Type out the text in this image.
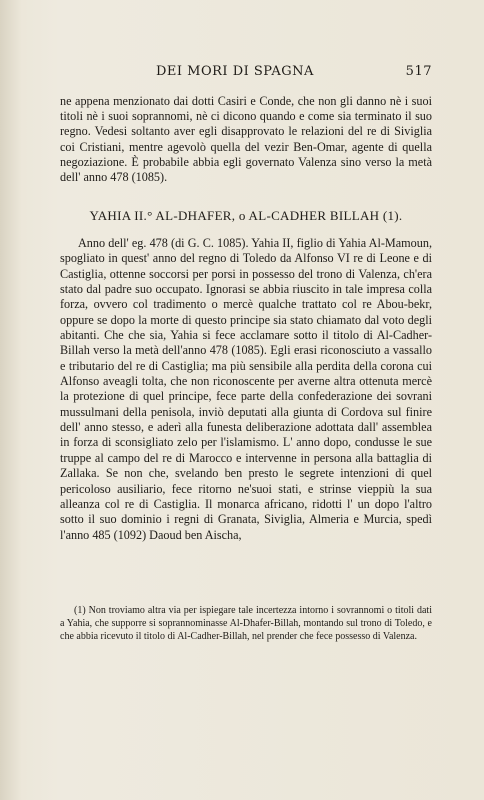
DEI MORI DI SPAGNA	517

ne appena menzionato dai dotti Casiri e Conde, che non gli danno nè i suoi titoli nè i suoi soprannomi, nè ci dicono quando e come sia terminato il suo regno. Vedesi soltanto aver egli disapprovato le relazioni del re di Siviglia coi Cristiani, mentre agevolò quella del vezir Ben-Omar, agente di quella negoziazione. È probabile abbia egli governato Valenza sino verso la metà dell' anno 478 (1085).

YAHIA II.° AL-DHAFER, o AL-CADHER BILLAH (1).

Anno dell' eg. 478 (di G. C. 1085). Yahia II, figlio di Yahia Al-Mamoun, spogliato in quest' anno del regno di Toledo da Alfonso VI re di Leone e di Castiglia, ottenne soccorsi per porsi in possesso del trono di Valenza, ch'era stato dal padre suo occupato. Ignorasi se abbia riuscito in tale impresa colla forza, ovvero col tradimento o mercè qualche trattato col re Abou-bekr, oppure se dopo la morte di questo principe sia stato chiamato dal voto degli abitanti. Che che sia, Yahia si fece acclamare sotto il titolo di Al-Cadher-Billah verso la metà dell'anno 478 (1085). Egli erasi riconosciuto a vassallo e tributario del re di Castiglia; ma più sensibile alla perdita della corona cui Alfonso aveagli tolta, che non riconoscente per averne altra ottenuta mercè la protezione di quel principe, fece parte della confederazione dei sovrani mussulmani della penisola, inviò deputati alla giunta di Cordova sul finire dell' anno stesso, e aderì alla funesta deliberazione adottata dall' assemblea in forza di sconsigliato zelo per l'islamismo. L' anno dopo, condusse le sue truppe al campo del re di Marocco e intervenne in persona alla battaglia di Zallaka. Se non che, svelando ben presto le segrete intenzioni di quel pericoloso ausiliario, fece ritorno ne'suoi stati, e strinse vieppiù la sua alleanza col re di Castiglia. Il monarca africano, ridotti l' un dopo l'altro sotto il suo dominio i regni di Granata, Siviglia, Almeria e Murcia, spedì l'anno 485 (1092) Daoud ben Aischa,

(1) Non troviamo altra via per ispiegare tale incertezza intorno i sovrannomi o titoli dati a Yahia, che supporre si soprannominasse Al-Dhafer-Billah, montando sul trono di Toledo, e che abbia ricevuto il titolo di Al-Cadher-Billah, nel prender che fece possesso di Valenza.
